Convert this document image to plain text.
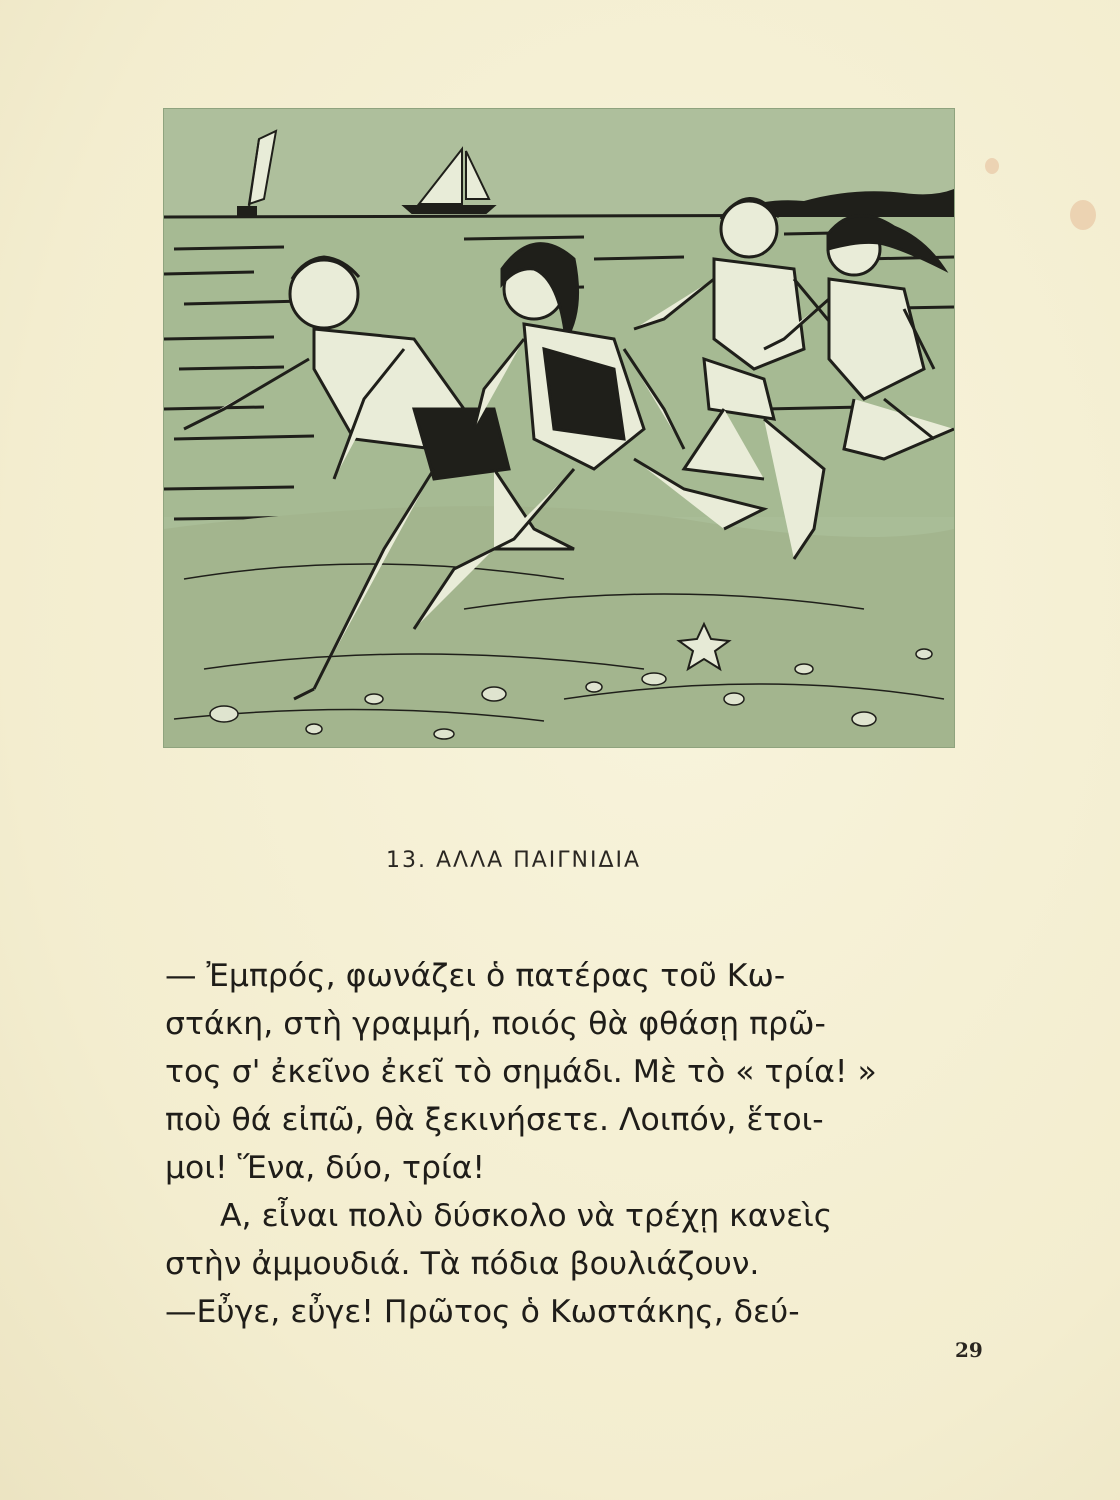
13. ΑΛΛΑ ΠΑΙΓΝΙΔΙΑ
— Ἐμπρός, φωνάζει ὁ πατέρας τοῦ Κω-
στάκη, στὴ γραμμή, ποιός θὰ φθάσῃ πρῶ-
τος σ' ἐκεῖνο ἐκεῖ τὸ σημάδι. Μὲ τὸ « τρία! »
ποὺ θά εἰπῶ, θὰ ξεκινήσετε. Λοιπόν, ἕτοι-
μοι! Ἕνα, δύο, τρία!
Α, εἶναι πολὺ δύσκολο νὰ τρέχῃ κανεὶς
στὴν ἀμμουδιά. Τὰ πόδια βουλιάζουν.
—Εὖγε, εὖγε! Πρῶτος ὁ Κωστάκης, δεύ-
29
